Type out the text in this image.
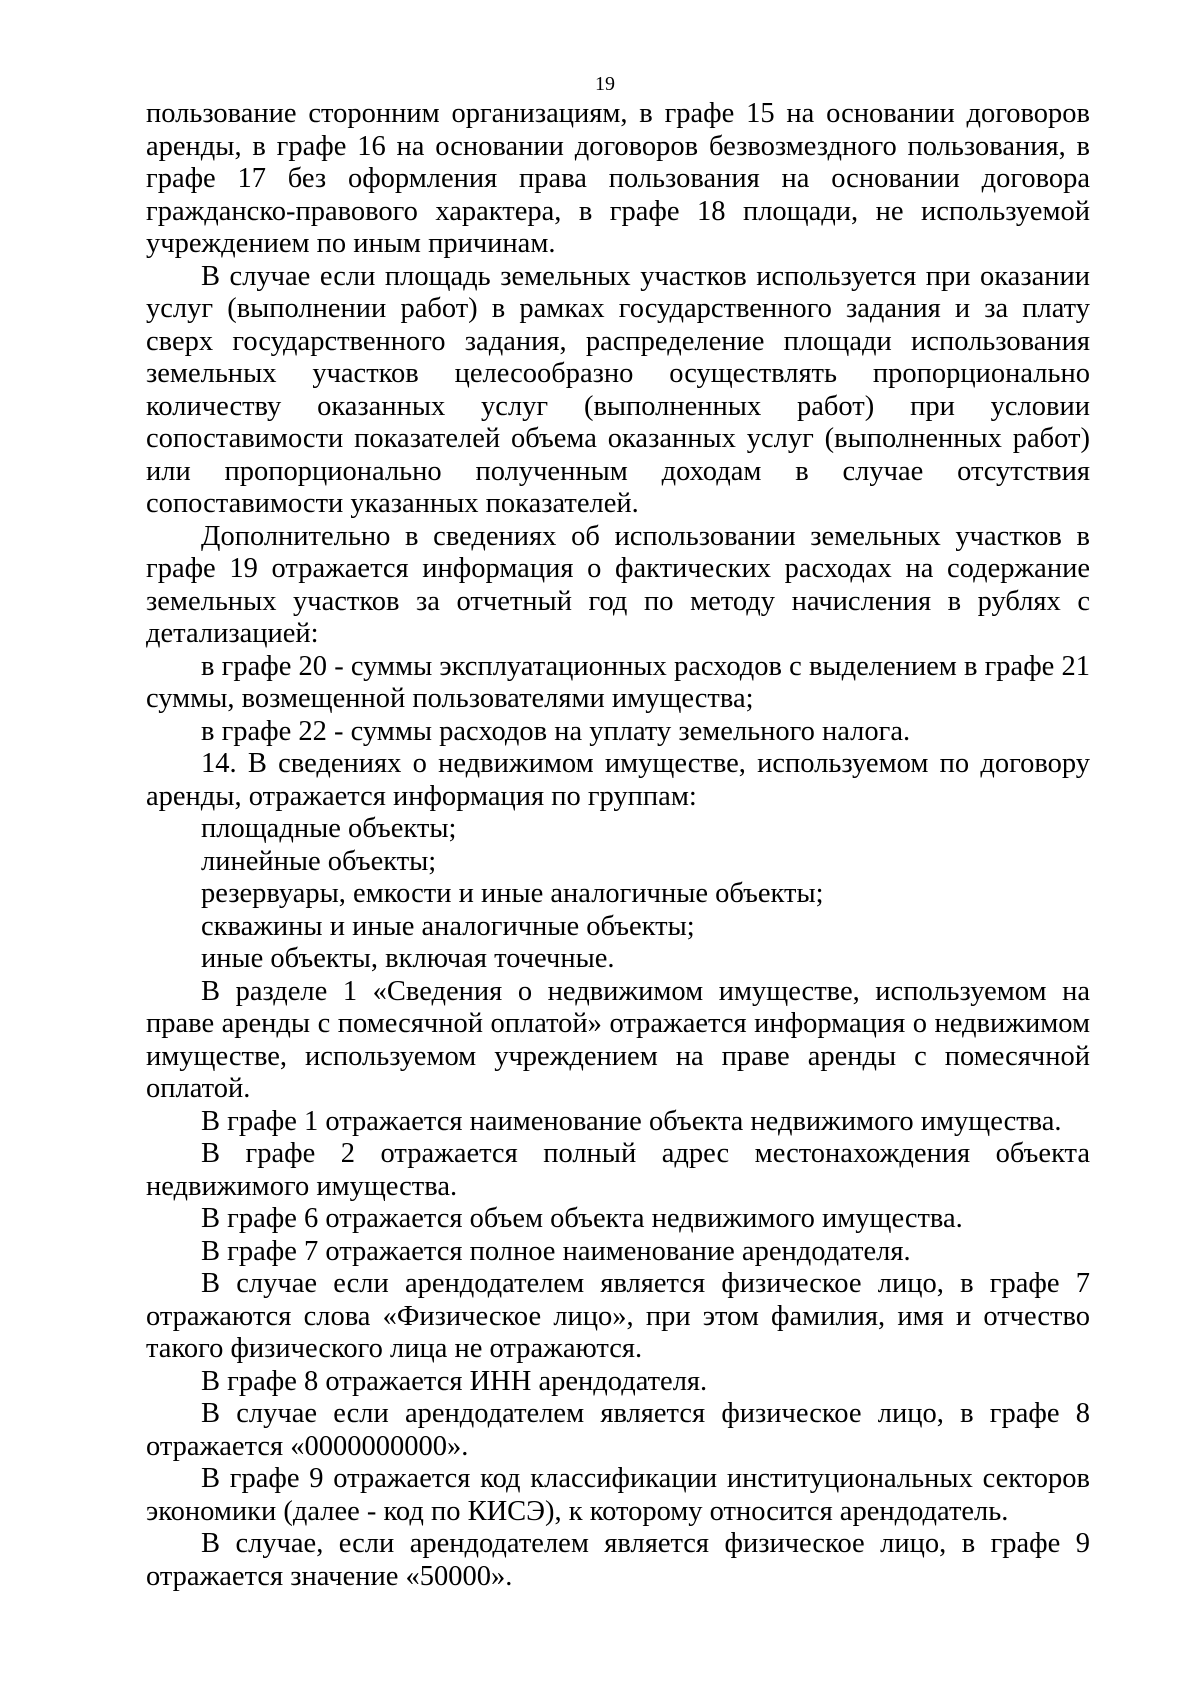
19

пользование сторонним организациям, в графе 15 на основании договоров аренды, в графе 16 на основании договоров безвозмездного пользования, в графе 17 без оформления права пользования на основании договора гражданско-правового характера, в графе 18 площади, не используемой учреждением по иным причинам.

В случае если площадь земельных участков используется при оказании услуг (выполнении работ) в рамках государственного задания и за плату сверх государственного задания, распределение площади использования земельных участков целесообразно осуществлять пропорционально количеству оказанных услуг (выполненных работ) при условии сопоставимости показателей объема оказанных услуг (выполненных работ) или пропорционально полученным доходам в случае отсутствия сопоставимости указанных показателей.

Дополнительно в сведениях об использовании земельных участков в графе 19 отражается информация о фактических расходах на содержание земельных участков за отчетный год по методу начисления в рублях с детализацией:

в графе 20 - суммы эксплуатационных расходов с выделением в графе 21 суммы, возмещенной пользователями имущества;

в графе 22 - суммы расходов на уплату земельного налога.

14. В сведениях о недвижимом имуществе, используемом по договору аренды, отражается информация по группам:

площадные объекты;

линейные объекты;

резервуары, емкости и иные аналогичные объекты;

скважины и иные аналогичные объекты;

иные объекты, включая точечные.

В разделе 1 «Сведения о недвижимом имуществе, используемом на праве аренды с помесячной оплатой» отражается информация о недвижимом имуществе, используемом учреждением на праве аренды с помесячной оплатой.

В графе 1 отражается наименование объекта недвижимого имущества.

В графе 2 отражается полный адрес местонахождения объекта недвижимого имущества.

В графе 6 отражается объем объекта недвижимого имущества.

В графе 7 отражается полное наименование арендодателя.

В случае если арендодателем является физическое лицо, в графе 7 отражаются слова «Физическое лицо», при этом фамилия, имя и отчество такого физического лица не отражаются.

В графе 8 отражается ИНН арендодателя.

В случае если арендодателем является физическое лицо, в графе 8 отражается «0000000000».

В графе 9 отражается код классификации институциональных секторов экономики (далее - код по КИСЭ), к которому относится арендодатель.

В случае, если арендодателем является физическое лицо, в графе 9 отражается значение «50000».
